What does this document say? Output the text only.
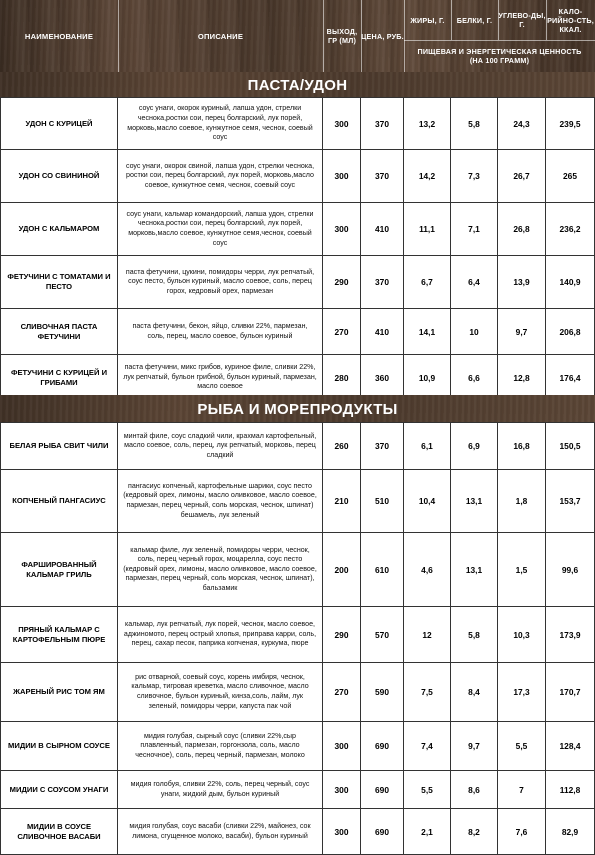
НАИМЕНОВАНИЕ	ОПИСАНИЕ	ВЫХОД, ГР (МЛ) ЦЕНА, РУБ.
ЖИРЫ, Г.	БЕЛКИ, Г. УГЛЕВО-ДЫ, Г.
КАЛО-РИЙНО-СТЬ, ККАЛ.
ПИЩЕВАЯ И ЭНЕРГЕТИЧЕСКАЯ ЦЕННОСТЬ (НА 100 ГРАММ)
ПАСТА/УДОН
УДОН С КУРИЦЕЙ
соус унаги, окорок куриный, лапша удон, стрелки чеснока,ростки сои, перец болгарский, лук порей, морковь,масло соевое, кунжутное семя, чеснок, соевый соус
300	370	13,2	5,8	24,3	239,5
УДОН СО СВИНИНОЙ
соус унаги, окорок свиной, лапша удон, стрелки чеснока, ростки сои, перец болгарский, лук порей, морковь,масло соевое, кунжутное семя, чеснок, соевый соус
300	370	14,2	7,3	26,7	265
УДОН С КАЛЬМАРОМ
соус унаги, кальмар командорский, лапша удон, стрелки чеснока,ростки сои, перец болгарский, лук порей, морковь,масло соевое, кунжутное семя,чеснок, соевый соус
300	410	11,1	7,1	26,8	236,2
ФЕТУЧИНИ С ТОМАТАМИ И ПЕСТО
паста фетучини, цукини, помидоры черри, лук репчатый, соус песто, бульон куриный, масло соевое, соль, перец горох, кедровый орех, пармезан
290	370	6,7	6,4	13,9	140,9
СЛИВОЧНАЯ ПАСТА ФЕТУЧИНИ
паста фетучини, бекон, яйцо, сливки 22%, пармезан, соль, перец, масло соевое, бульон куриный	270	410	14,1	10	9,7	206,8
ФЕТУЧИНИ С КУРИЦЕЙ И ГРИБАМИ
паста фетучини, микс грибов, куриное филе, сливки 22%, лук репчатый, бульон грибной, бульон куриный, пармезан, масло соевое
280	360	10,9	6,6	12,8	176,4
РЫБА И МОРЕПРОДУКТЫ
БЕЛАЯ РЫБА СВИТ ЧИЛИ
минтай филе, соус сладкий чили, крахмал картофельный, масло соевое, соль, перец, лук репчатый, морковь, перец сладкий
260	370	6,1	6,9	16,8	150,5
КОПЧЕНЫЙ ПАНГАСИУС
пангасиус копченый, картофельные шарики, соус песто (кедровый орех, лимоны, масло оливковое, масло соевое, пармезан, перец черный, соль морская, чеснок, шпинат) бешамель, лук зеленый
210	510	10,4	13,1	1,8	153,7
ФАРШИРОВАННЫЙ КАЛЬМАР ГРИЛЬ
кальмар филе, лук зеленый, помидоры черри, чеснок, соль, перец черный горох, моцарелла, соус песто (кедровый орех, лимоны, масло оливковое, масло соевое, пармезан, перец черный, соль морская, чеснок, шпинат), бальзамик
200	610	4,6	13,1	1,5	99,6
ПРЯНЫЙ КАЛЬМАР С КАРТОФЕЛЬНЫМ ПЮРЕ
кальмар, лук репчатый, лук порей, чеснок, масло соевое, аджиномото, перец острый хлопья, приправа карри, соль, перец, сахар песок, паприка копченая, куркума, пюре
290	570	12	5,8	10,3	173,9
ЖАРЕНЫЙ РИС ТОМ ЯМ
рис отварной, соевый соус, корень имбиря, чеснок, кальмар, тигровая креветка, масло сливочное, масло сливочное, бульон куриный, кинза,соль, лайм, лук зеленый, помидоры черри, капуста пак чой
270	590	7,5	8,4	17,3	170,7
МИДИИ В СЫРНОМ СОУСЕ
мидия голубая, сырный соус (сливки 22%,сыр плавленный, пармезан, горгонзола, соль, масло чесночное), соль, перец черный, пармезан, молоко
300	690	7,4	9,7	5,5	128,4
МИДИИ С СОУСОМ УНАГИ
мидия голобуя, сливки 22%, соль, перец черный, соус унаги, жидкий дым, бульон куриный	300	690	5,5	8,6	7	112,8
МИДИИ В СОУСЕ СЛИВОЧНОЕ ВАСАБИ
мидия голубая, соус васаби (сливки 22%, майонез, сок лимона, сгущенное молоко, васаби), бульон куриный	300	690	2,1	8,2	7,6	82,9
